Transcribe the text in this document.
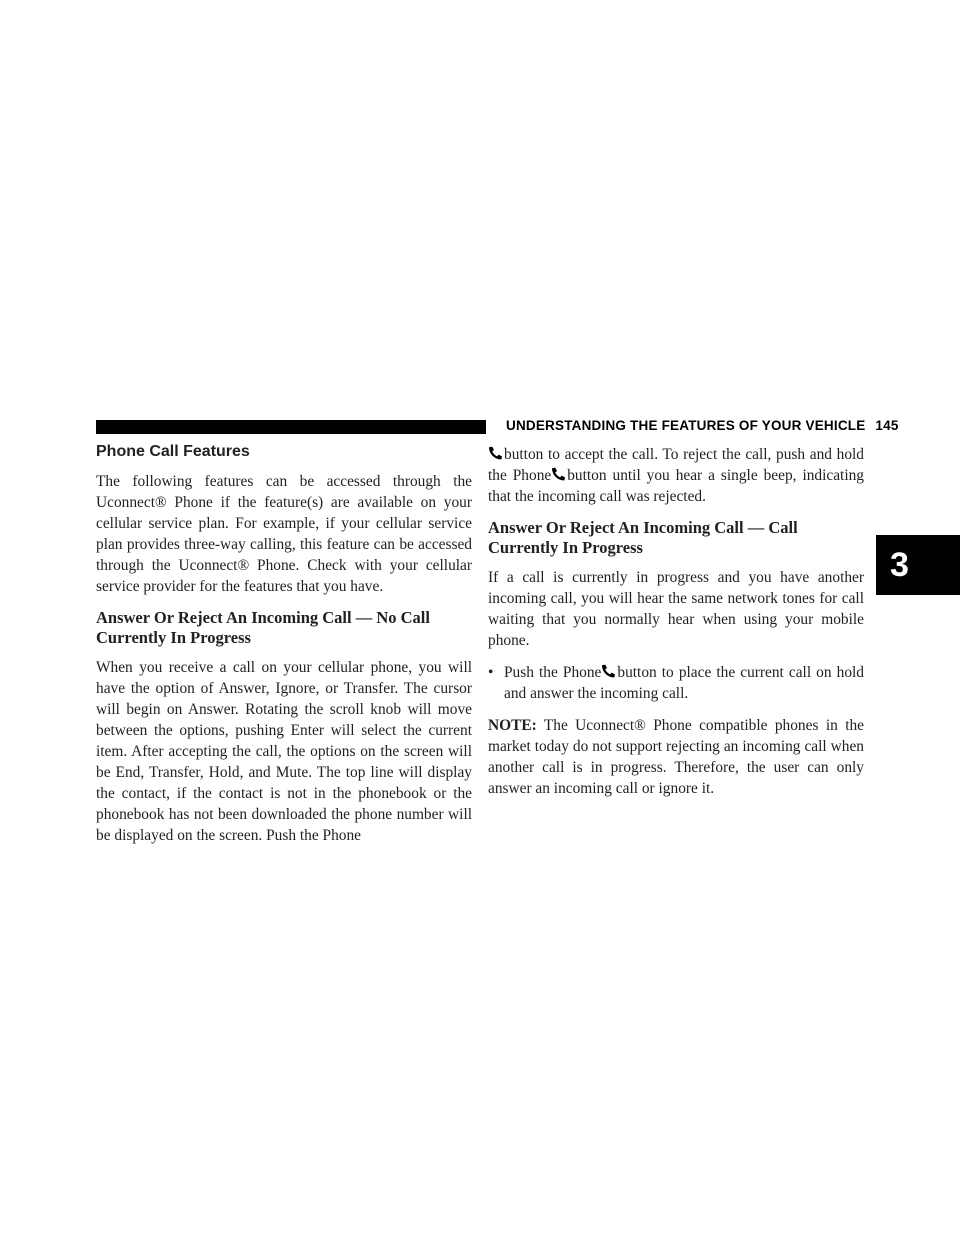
UNDERSTANDING THE FEATURES OF YOUR VEHICLE 145
3
Phone Call Features

The following features can be accessed through the Uconnect® Phone if the feature(s) are available on your cellular service plan. For example, if your cellular service plan provides three-way calling, this feature can be accessed through the Uconnect® Phone. Check with your cellular service provider for the features that you have.

Answer Or Reject An Incoming Call — No Call Currently In Progress

When you receive a call on your cellular phone, you will have the option of Answer, Ignore, or Transfer. The cursor will begin on Answer. Rotating the scroll knob will move between the options, pushing Enter will select the current item. After accepting the call, the options on the screen will be End, Transfer, Hold, and Mute. The top line will display the contact, if the contact is not in the phonebook or the phonebook has not been downloaded the phone number will be displayed on the screen. Push the Phone

button to accept the call. To reject the call, push and hold the Phone button until you hear a single beep, indicating that the incoming call was rejected.

Answer Or Reject An Incoming Call — Call Currently In Progress

If a call is currently in progress and you have another incoming call, you will hear the same network tones for call waiting that you normally hear when using your mobile phone.

• Push the Phone button to place the current call on hold and answer the incoming call.

NOTE: The Uconnect® Phone compatible phones in the market today do not support rejecting an incoming call when another call is in progress. Therefore, the user can only answer an incoming call or ignore it.
